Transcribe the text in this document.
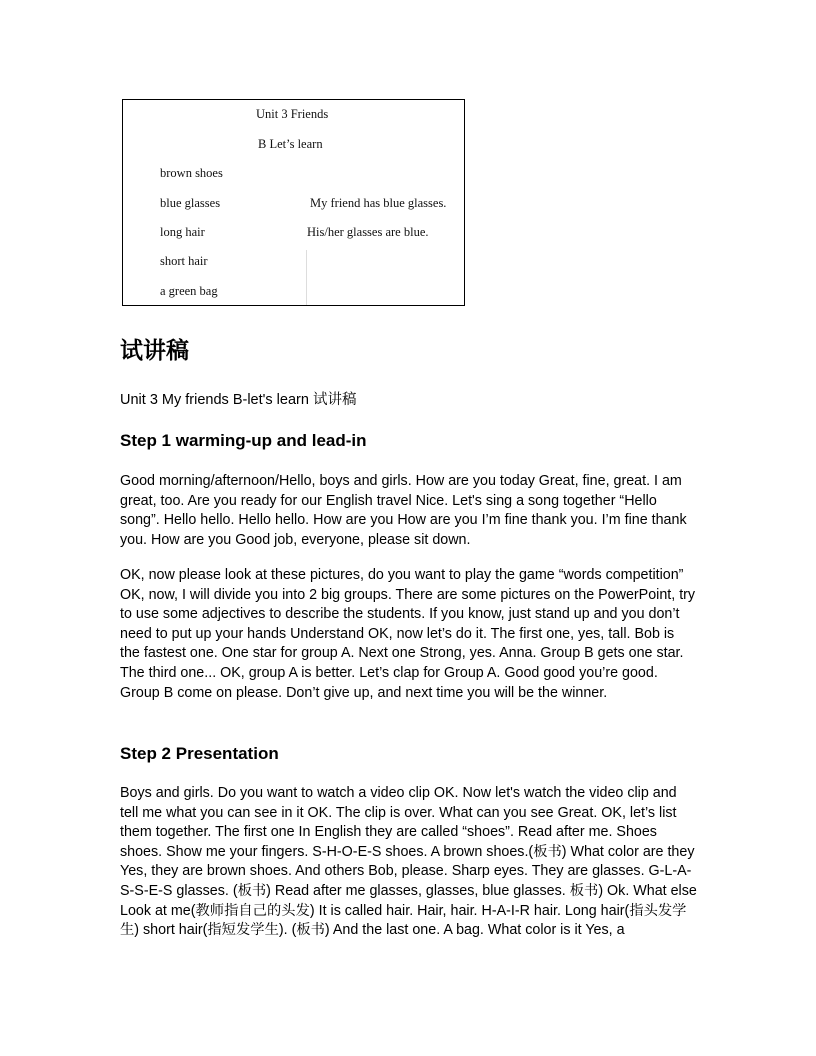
Unit 3 Friends
B Let’s learn
brown shoes
blue glasses
long hair
short hair
a green bag
My friend has blue glasses.
His/her glasses are blue.
试讲稿
Unit 3 My friends B-let's learn 试讲稿
Step 1 warming-up and lead-in

Good morning/afternoon/Hello, boys and girls. How are you today Great, fine, great. I am great, too. Are you ready for our English travel Nice. Let's sing a song together “Hello song”. Hello hello. Hello hello. How are you How are you I’m fine thank you. I’m fine thank you. How are you Good job, everyone, please sit down.

OK, now please look at these pictures, do you want to play the game “words competition” OK, now, I will divide you into 2 big groups. There are some pictures on the PowerPoint, try to use some adjectives to describe the students. If you know, just stand up and you don’t need to put up your hands Understand OK, now let’s do it. The first one, yes, tall. Bob is the fastest one. One star for group A. Next one Strong, yes. Anna. Group B gets one star. The third one... OK, group A is better. Let’s clap for Group A. Good good you’re good. Group B come on please. Don’t give up, and next time you will be the winner.

Step 2 Presentation

Boys and girls. Do you want to watch a video clip OK. Now let's watch the video clip and tell me what you can see in it OK. The clip is over. What can you see Great. OK, let’s list them together. The first one In English they are called “shoes”. Read after me. Shoes shoes. Show me your fingers. S-H-O-E-S shoes. A brown shoes.(板书) What color are they Yes, they are brown shoes. And others Bob, please. Sharp eyes. They are glasses. G-L-A-S-S-E-S glasses. (板书) Read after me glasses, glasses, blue glasses. 板书) Ok. What else Look at me(教师指自己的头发) It is called hair. Hair, hair. H-A-I-R hair. Long hair(指头发学生) short hair(指短发学生). (板书) And the last one. A bag. What color is it Yes, a
